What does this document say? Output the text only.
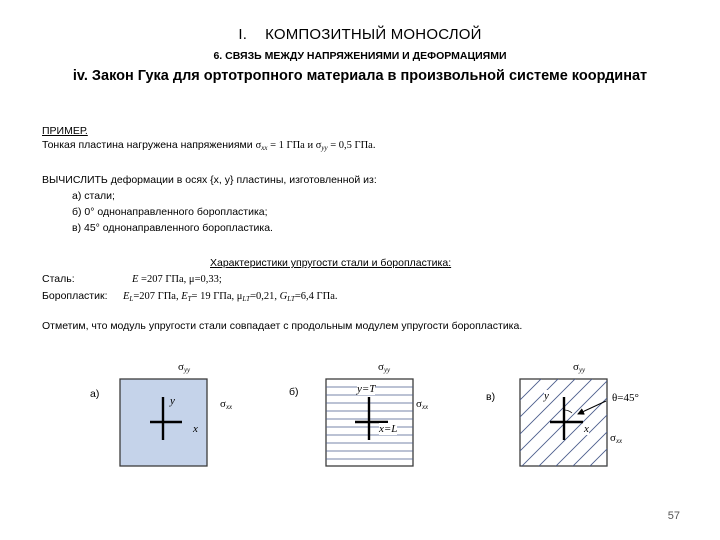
I. КОМПОЗИТНЫЙ МОНОСЛОЙ
6. СВЯЗЬ МЕЖДУ НАПРЯЖЕНИЯМИ И ДЕФОРМАЦИЯМИ
iv. Закон Гука для ортотропного материала в произвольной системе координат
ПРИМЕР.
Тонкая пластина нагружена напряжениями $\sigma_{xx} = 1$ ГПа и $\sigma_{yy} = 0,5$ ГПа.
ВЫЧИСЛИТЬ деформации в осях {x, y} пластины, изготовленной из:
а) стали;
б) 0° однонаправленного боропластика;
в) 45° однонаправленного боропластика.
Характеристики упругости стали и боропластика:
Сталь:	E =207 ГПа, μ=0,33;
Боропластик: $E_L=207$ ГПа, $E_T= 19$ ГПа, $\mu_{LT}=0,21$, $G_{LT}=6,4$ ГПа.
Отметим, что модуль упругости стали совпадает с продольным модулем упругости боропластика.
а)
$\sigma_{yy}$
$\sigma_{xx}$
y
x
б)
$\sigma_{yy}$
$\sigma_{xx}$
y=T
x=L
в)
$\sigma_{yy}$
$\sigma_{xx}$
y
x
θ=45°
57
